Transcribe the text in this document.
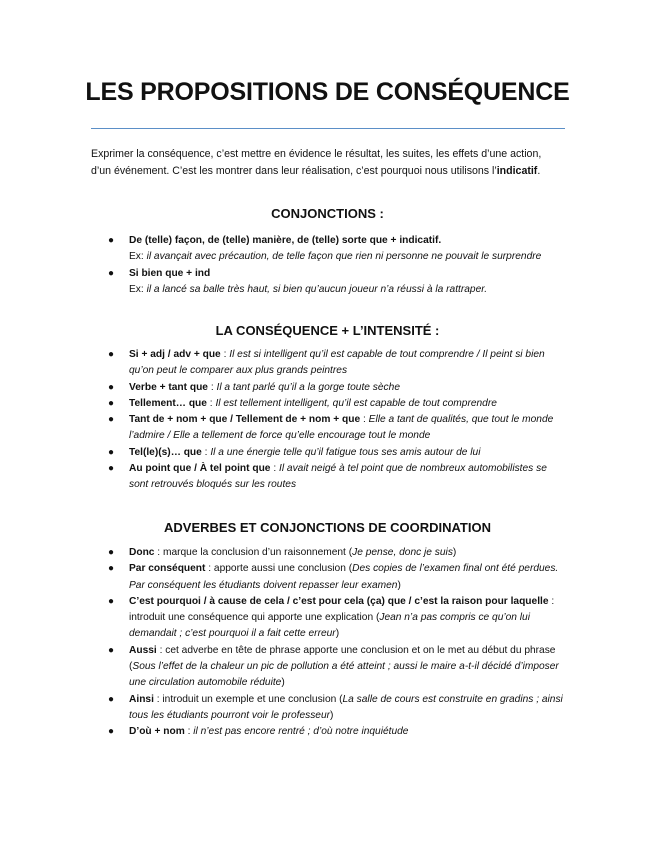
LES PROPOSITIONS DE CONSÉQUENCE

Exprimer la conséquence, c’est mettre en évidence le résultat, les suites, les effets d’une action, d’un événement. C’est les montrer dans leur réalisation, c’est pourquoi nous utilisons l’indicatif.

CONJONCTIONS :
● De (telle) façon, de (telle) manière, de (telle) sorte que + indicatif.
Ex: il avançait avec précaution, de telle façon que rien ni personne ne pouvait le surprendre
● Si bien que + ind
Ex: il a lancé sa balle très haut, si bien qu’aucun joueur n’a réussi à la rattraper.
LA CONSÉQUENCE + L’INTENSITÉ :
● Si + adj / adv + que : Il est si intelligent qu’il est capable de tout comprendre / Il peint si bien qu’on peut le comparer aux plus grands peintres
● Verbe + tant que : Il a tant parlé qu’il a la gorge toute sèche
● Tellement… que : Il est tellement intelligent, qu’il est capable de tout comprendre
● Tant de + nom + que / Tellement de + nom + que : Elle a tant de qualités, que tout le monde l’admire / Elle a tellement de force qu’elle encourage tout le monde
● Tel(le)(s)… que : Il a une énergie telle qu’il fatigue tous ses amis autour de lui
● Au point que / À tel point que : Il avait neigé à tel point que de nombreux automobilistes se sont retrouvés bloqués sur les routes
ADVERBES ET CONJONCTIONS DE COORDINATION
● Donc : marque la conclusion d’un raisonnement (Je pense, donc je suis)
● Par conséquent : apporte aussi une conclusion (Des copies de l’examen final ont été perdues. Par conséquent les étudiants doivent repasser leur examen)
● C’est pourquoi / à cause de cela / c’est pour cela (ça) que / c’est la raison pour laquelle : introduit une conséquence qui apporte une explication (Jean n’a pas compris ce qu’on lui demandait ; c’est pourquoi il a fait cette erreur)
● Aussi : cet adverbe en tête de phrase apporte une conclusion et on le met au début du phrase (Sous l’effet de la chaleur un pic de pollution a été atteint ; aussi le maire a-t-il décidé d’imposer une circulation automobile réduite)
● Ainsi : introduit un exemple et une conclusion (La salle de cours est construite en gradins ; ainsi tous les étudiants pourront voir le professeur)
● D’où + nom : il n’est pas encore rentré ; d’où notre inquiétude
